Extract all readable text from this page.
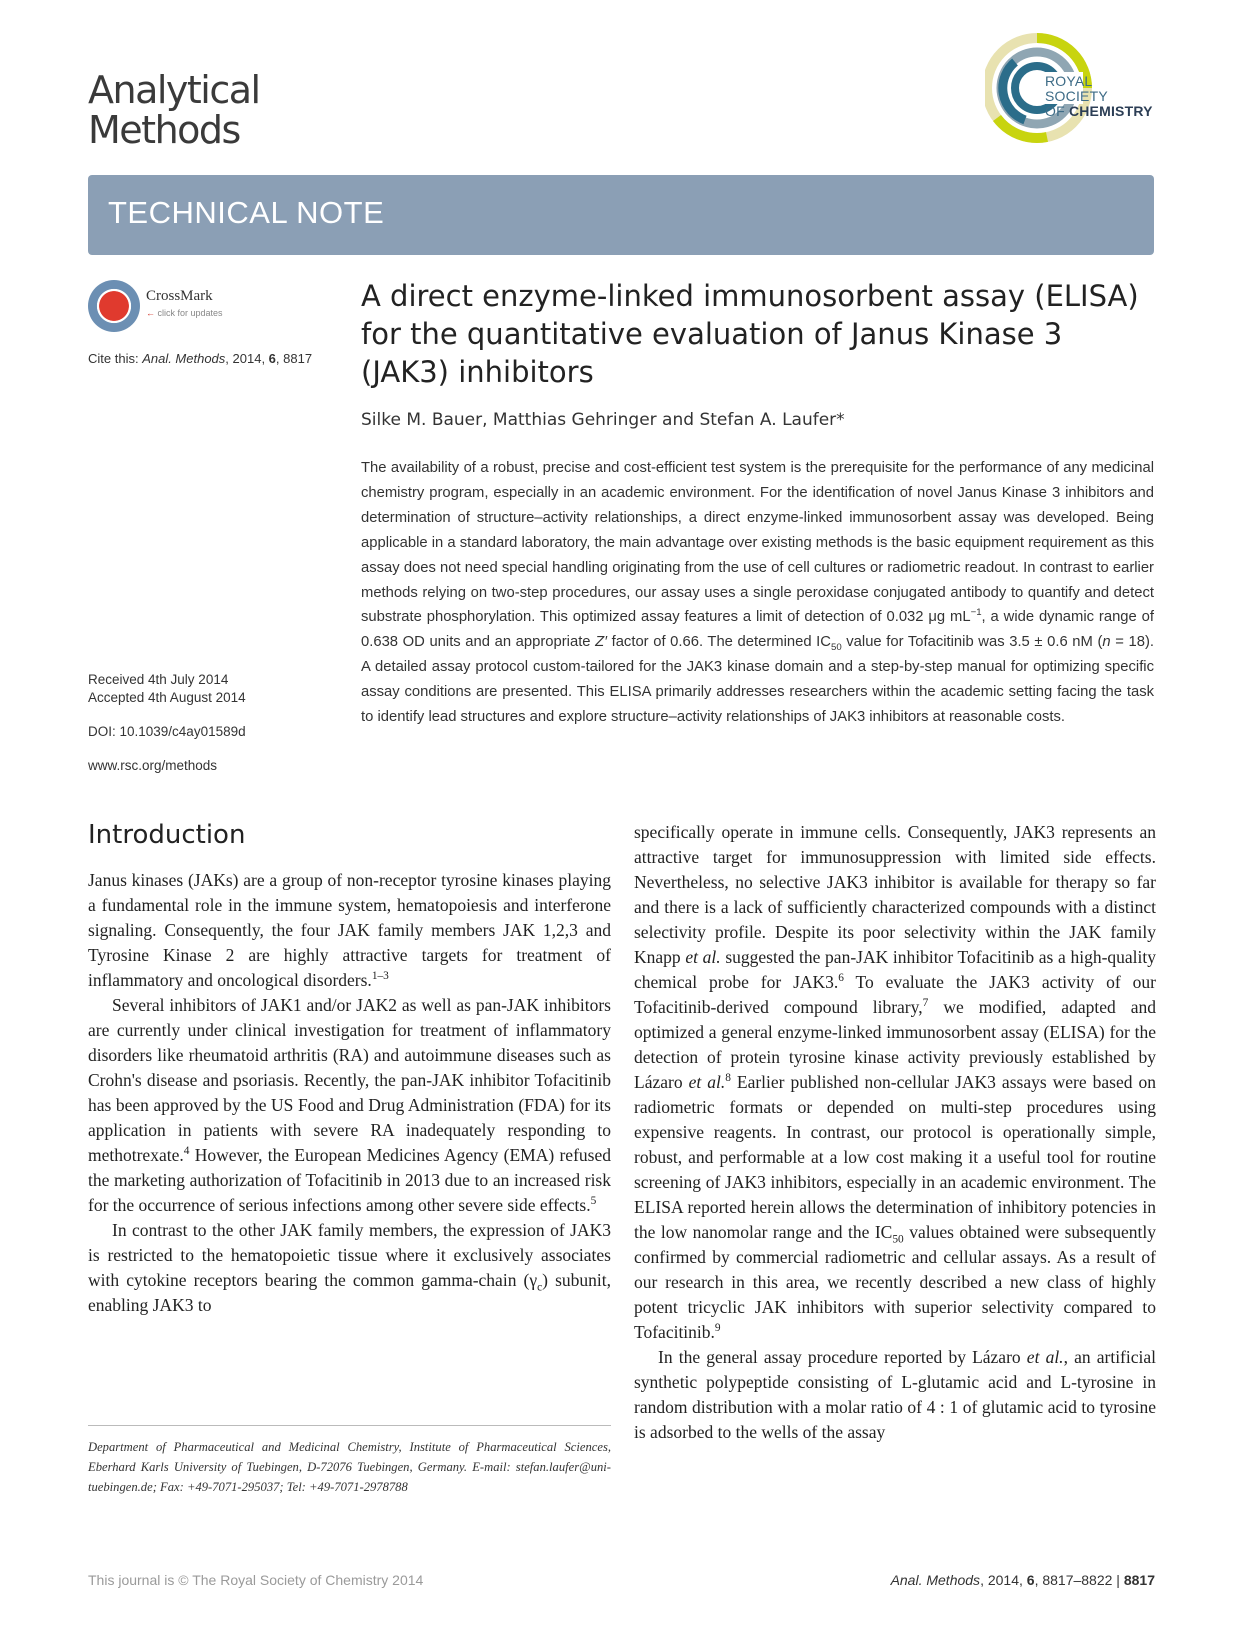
Analytical
Methods
ROYAL SOCIETY
OF CHEMISTRY
TECHNICAL NOTE
CrossMark
← click for updates
Cite this: Anal. Methods, 2014, 6, 8817
A direct enzyme-linked immunosorbent assay (ELISA) for the quantitative evaluation of Janus Kinase 3 (JAK3) inhibitors
Silke M. Bauer, Matthias Gehringer and Stefan A. Laufer*
The availability of a robust, precise and cost-efficient test system is the prerequisite for the performance of any medicinal chemistry program, especially in an academic environment. For the identification of novel Janus Kinase 3 inhibitors and determination of structure–activity relationships, a direct enzyme-linked immunosorbent assay was developed. Being applicable in a standard laboratory, the main advantage over existing methods is the basic equipment requirement as this assay does not need special handling originating from the use of cell cultures or radiometric readout. In contrast to earlier methods relying on two-step procedures, our assay uses a single peroxidase conjugated antibody to quantify and detect substrate phosphorylation. This optimized assay features a limit of detection of 0.032 μg $mL^{-1}$, a wide dynamic range of 0.638 OD units and an appropriate Z′ factor of 0.66. The determined $IC_{50}$ value for Tofacitinib was 3.5 ± 0.6 nM (n = 18). A detailed assay protocol custom-tailored for the JAK3 kinase domain and a step-by-step manual for optimizing specific assay conditions are presented. This ELISA primarily addresses researchers within the academic setting facing the task to identify lead structures and explore structure–activity relationships of JAK3 inhibitors at reasonable costs.
Received 4th July 2014
Accepted 4th August 2014
DOI: 10.1039/c4ay01589d
www.rsc.org/methods
Introduction

Janus kinases (JAKs) are a group of non-receptor tyrosine kinases playing a fundamental role in the immune system, hematopoiesis and interferone signaling. Consequently, the four JAK family members JAK 1,2,3 and Tyrosine Kinase 2 are highly attractive targets for treatment of inflammatory and oncological disorders.$^{1-3}$

Several inhibitors of JAK1 and/or JAK2 as well as pan-JAK inhibitors are currently under clinical investigation for treatment of inflammatory disorders like rheumatoid arthritis (RA) and autoimmune diseases such as Crohn's disease and psoriasis. Recently, the pan-JAK inhibitor Tofacitinib has been approved by the US Food and Drug Administration (FDA) for its application in patients with severe RA inadequately responding to methotrexate.$^4$ However, the European Medicines Agency (EMA) refused the marketing authorization of Tofacitinib in 2013 due to an increased risk for the occurrence of serious infections among other severe side effects.$^5$

In contrast to the other JAK family members, the expression of JAK3 is restricted to the hematopoietic tissue where it exclusively associates with cytokine receptors bearing the common gamma-chain $(\gamma_c)$ subunit, enabling JAK3 to

specifically operate in immune cells. Consequently, JAK3 represents an attractive target for immunosuppression with limited side effects. Nevertheless, no selective JAK3 inhibitor is available for therapy so far and there is a lack of sufficiently characterized compounds with a distinct selectivity profile. Despite its poor selectivity within the JAK family Knapp et al. suggested the pan-JAK inhibitor Tofacitinib as a high-quality chemical probe for JAK3.$^6$ To evaluate the JAK3 activity of our Tofacitinib-derived compound library,$^7$ we modified, adapted and optimized a general enzyme-linked immunosorbent assay (ELISA) for the detection of protein tyrosine kinase activity previously established by Lázaro et al.$^8$ Earlier published non-cellular JAK3 assays were based on radiometric formats or depended on multi-step procedures using expensive reagents. In contrast, our protocol is operationally simple, robust, and performable at a low cost making it a useful tool for routine screening of JAK3 inhibitors, especially in an academic environment. The ELISA reported herein allows the determination of inhibitory potencies in the low nanomolar range and the $IC_{50}$ values obtained were subsequently confirmed by commercial radiometric and cellular assays. As a result of our research in this area, we recently described a new class of highly potent tricyclic JAK inhibitors with superior selectivity compared to Tofacitinib.$^9$

In the general assay procedure reported by Lázaro et al., an artificial synthetic polypeptide consisting of L-glutamic acid and L-tyrosine in random distribution with a molar ratio of 4 : 1 of glutamic acid to tyrosine is adsorbed to the wells of the assay

Department of Pharmaceutical and Medicinal Chemistry, Institute of Pharmaceutical Sciences, Eberhard Karls University of Tuebingen, D-72076 Tuebingen, Germany. E-mail: stefan.laufer@uni-tuebingen.de; Fax: +49-7071-295037; Tel: +49-7071-2978788
This journal is © The Royal Society of Chemistry 2014	Anal. Methods, 2014, 6, 8817–8822 | 8817
